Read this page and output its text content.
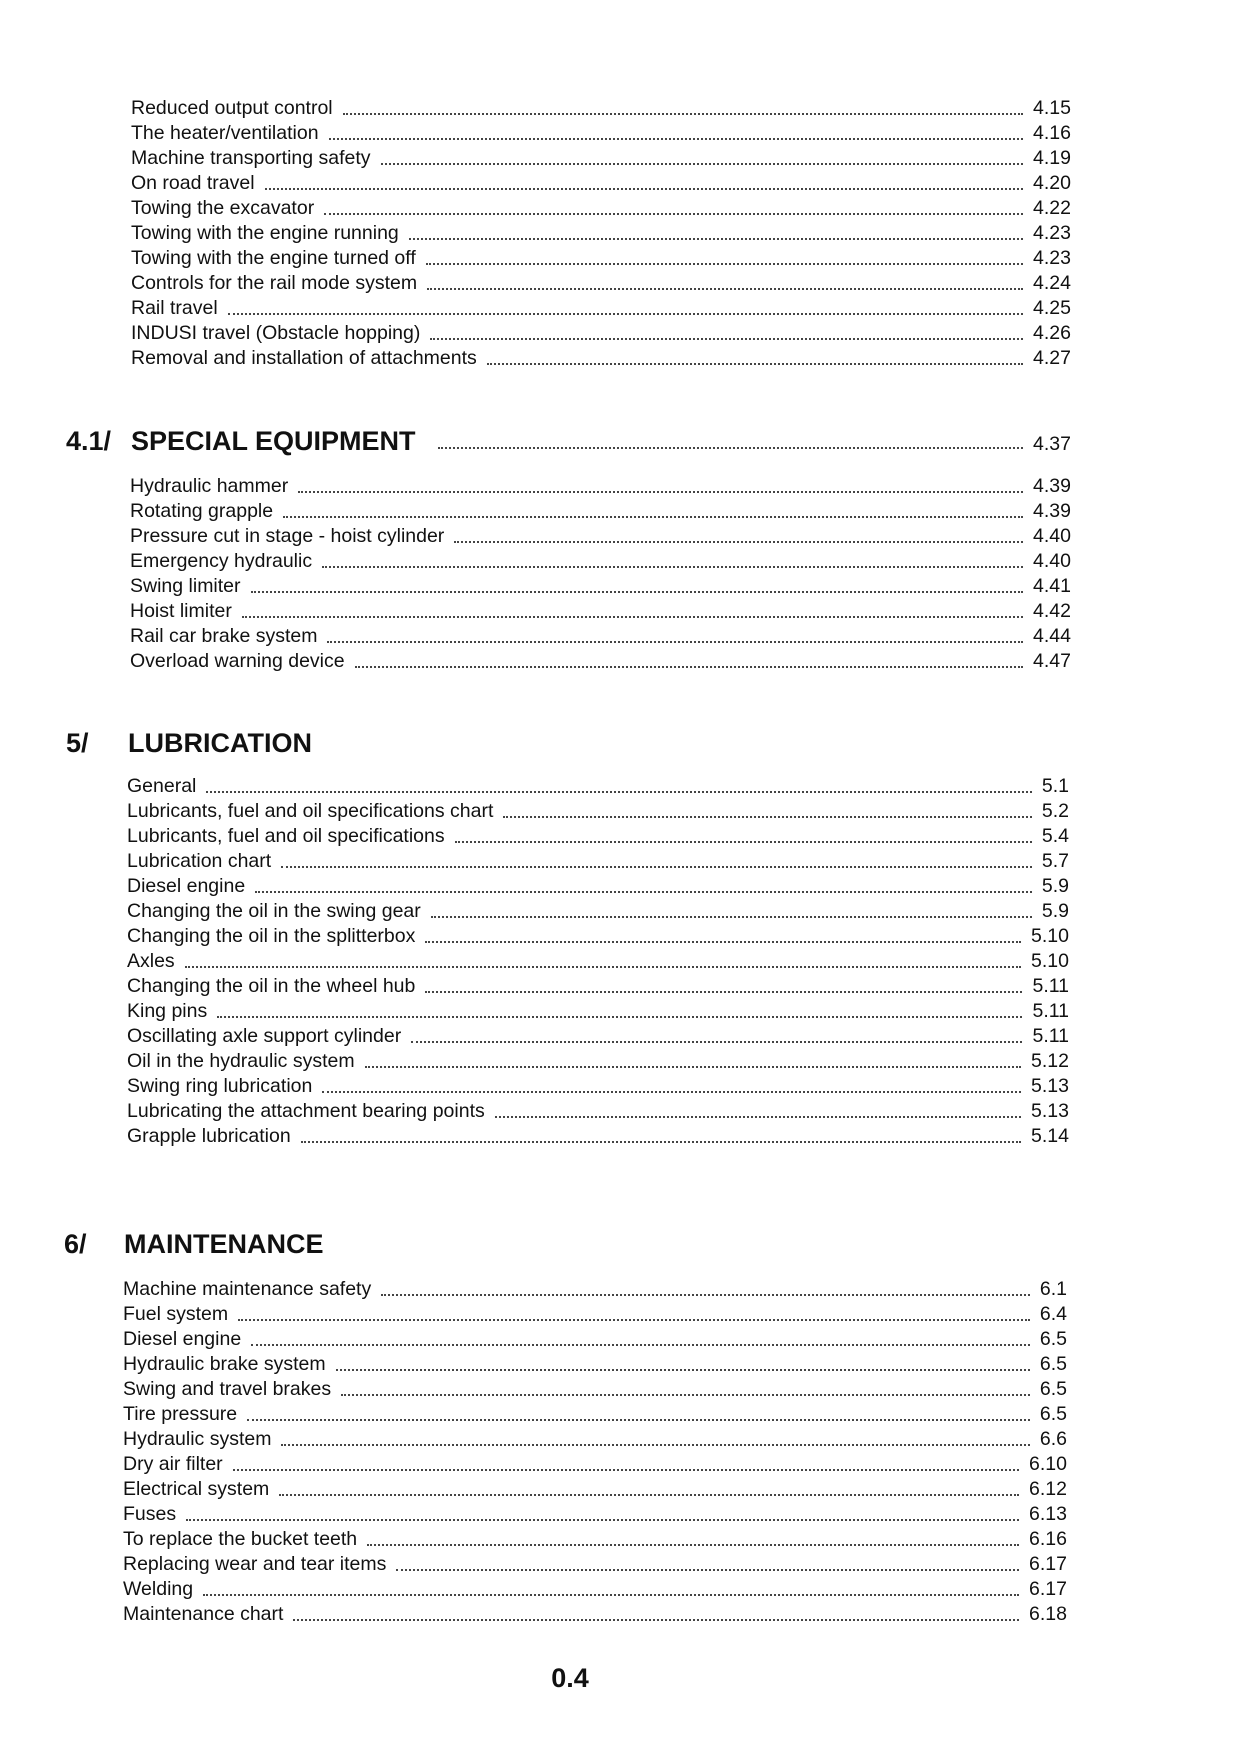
Reduced output control	4.15
The heater/ventilation	4.16
Machine transporting safety	4.19
On road travel	4.20
Towing the excavator	4.22
Towing with the engine running	4.23
Towing with the engine turned off	4.23
Controls for the rail mode system	4.24
Rail travel	4.25
INDUSI travel (Obstacle hopping)	4.26
Removal and installation of attachments	4.27
4.1/ SPECIAL EQUIPMENT	4.37
Hydraulic hammer	4.39
Rotating grapple	4.39
Pressure cut in stage - hoist cylinder	4.40
Emergency hydraulic	4.40
Swing limiter	4.41
Hoist limiter	4.42
Rail car brake system	4.44
Overload warning device	4.47
5/ LUBRICATION
General	5.1
Lubricants, fuel and oil specifications chart	5.2
Lubricants, fuel and oil specifications	5.4
Lubrication chart	5.7
Diesel engine	5.9
Changing the oil in the swing gear	5.9
Changing the oil in the splitterbox	5.10
Axles	5.10
Changing the oil in the wheel hub	5.11
King pins	5.11
Oscillating axle support cylinder	5.11
Oil in the hydraulic system	5.12
Swing ring lubrication	5.13
Lubricating the attachment bearing points	5.13
Grapple lubrication	5.14
6/ MAINTENANCE
Machine maintenance safety	6.1
Fuel system	6.4
Diesel engine	6.5
Hydraulic brake system	6.5
Swing and travel brakes	6.5
Tire pressure	6.5
Hydraulic system	6.6
Dry air filter	6.10
Electrical system	6.12
Fuses	6.13
To replace the bucket teeth	6.16
Replacing wear and tear items	6.17
Welding	6.17
Maintenance chart	6.18
0.4
